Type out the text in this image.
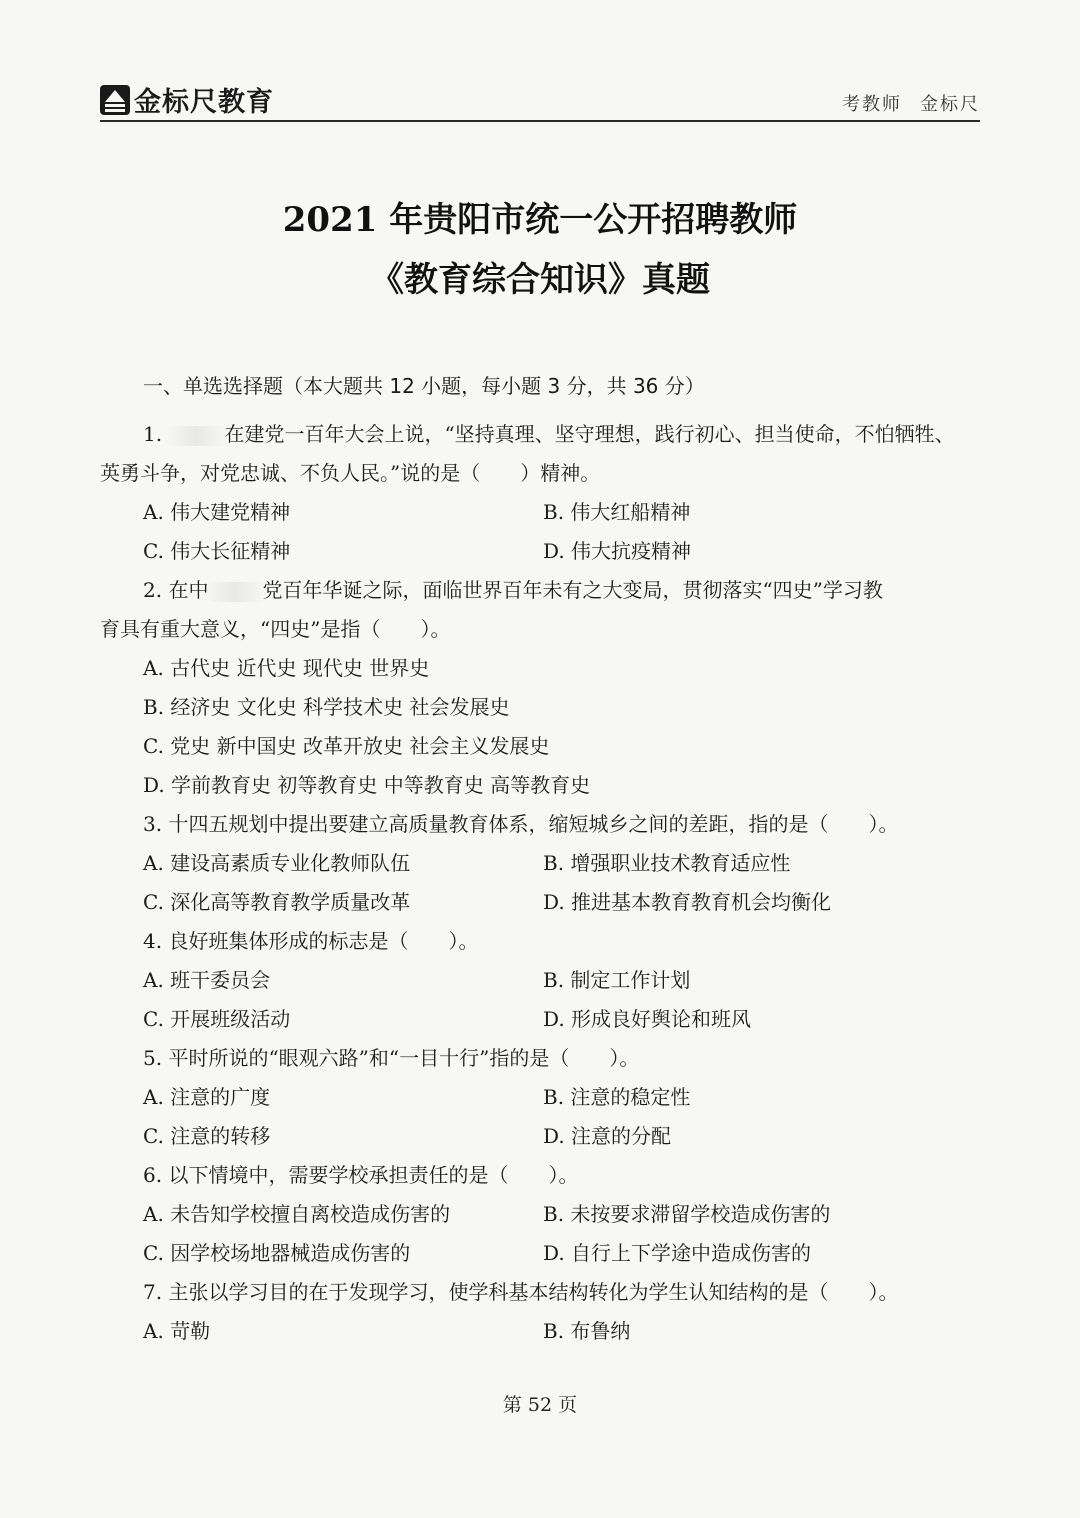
金标尺教育	考教师 金标尺
2021 年贵阳市统一公开招聘教师
《教育综合知识》真题
一、单选选择题（本大题共 12 小题，每小题 3 分，共 36 分）
1.	在建党一百年大会上说，“坚持真理、坚守理想，践行初心、担当使命，不怕牺牲、
英勇斗争，对党忠诚、不负人民。”说的是（　　）精神。
A. 伟大建党精神	B. 伟大红船精神
C. 伟大长征精神	D. 伟大抗疫精神
2. 在中	党百年华诞之际，面临世界百年未有之大变局，贯彻落实“四史”学习教
育具有重大意义，“四史”是指（　　）。
A. 古代史 近代史 现代史 世界史
B. 经济史 文化史 科学技术史 社会发展史
C. 党史 新中国史 改革开放史 社会主义发展史
D. 学前教育史 初等教育史 中等教育史 高等教育史
3. 十四五规划中提出要建立高质量教育体系，缩短城乡之间的差距，指的是（　　）。
A. 建设高素质专业化教师队伍	B. 增强职业技术教育适应性
C. 深化高等教育教学质量改革	D. 推进基本教育教育机会均衡化
4. 良好班集体形成的标志是（　　）。
A. 班干委员会	B. 制定工作计划
C. 开展班级活动	D. 形成良好舆论和班风
5. 平时所说的“眼观六路”和“一目十行”指的是（　　）。
A. 注意的广度	B. 注意的稳定性
C. 注意的转移	D. 注意的分配
6. 以下情境中，需要学校承担责任的是（　　）。
A. 未告知学校擅自离校造成伤害的	B. 未按要求滞留学校造成伤害的
C. 因学校场地器械造成伤害的	D. 自行上下学途中造成伤害的
7. 主张以学习目的在于发现学习，使学科基本结构转化为学生认知结构的是（　　）。
A. 苛勒	B. 布鲁纳
第 52 页
